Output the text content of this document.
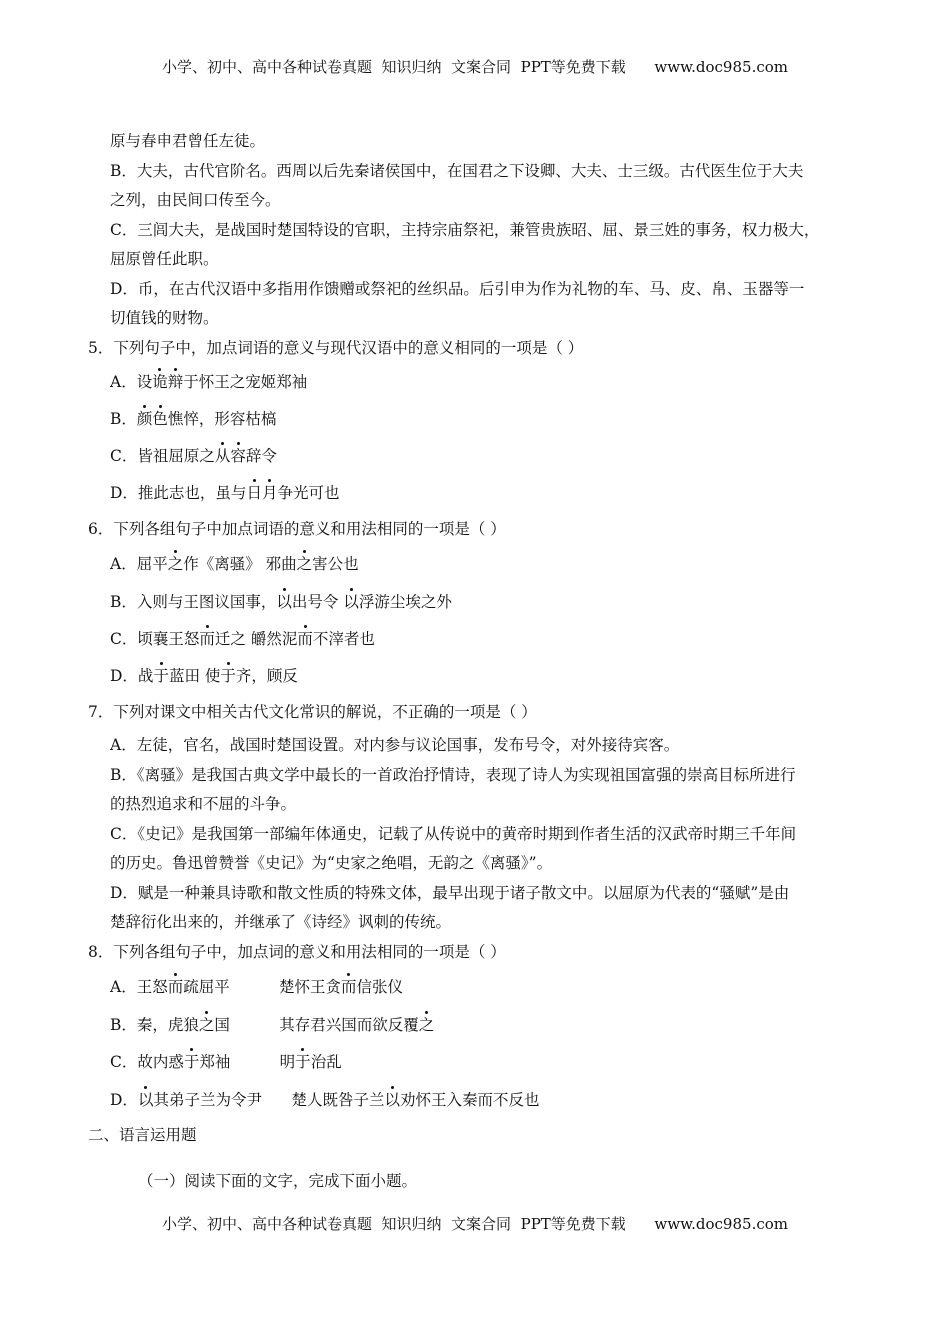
小学、初中、高中各种试卷真题  知识归纳  文案合同  PPT等免费下载      www.doc985.com
原与春申君曾任左徒。
B．大夫，古代官阶名。西周以后先秦诸侯国中，在国君之下设卿、大夫、士三级。古代医生位于大夫
之列，由民间口传至今。
C．三闾大夫，是战国时楚国特设的官职，主持宗庙祭祀，兼管贵族昭、屈、景三姓的事务，权力极大，
屈原曾任此职。
D．币，在古代汉语中多指用作馈赠或祭祀的丝织品。后引申为作为礼物的车、马、皮、帛、玉器等一
切值钱的财物。
5．下列句子中，加点词语的意义与现代汉语中的意义相同的一项是（ ）
A．设诡辩于怀王之宠姬郑袖
B．颜色憔悴，形容枯槁
C．皆祖屈原之从容辞令
D．推此志也，虽与日月争光可也
6．下列各组句子中加点词语的意义和用法相同的一项是（ ）
A．屈平之作《离骚》 邪曲之害公也
B．入则与王图议国事，以出号令 以浮游尘埃之外
C．顷襄王怒而迁之 皭然泥而不滓者也
D．战于蓝田 使于齐，顾反
7．下列对课文中相关古代文化常识的解说，不正确的一项是（ ）
A．左徒，官名，战国时楚国设置。对内参与议论国事，发布号令，对外接待宾客。
B．《离骚》是我国古典文学中最长的一首政治抒情诗，表现了诗人为实现祖国富强的崇高目标所进行
的热烈追求和不屈的斗争。
C．《史记》是我国第一部编年体通史，记载了从传说中的黄帝时期到作者生活的汉武帝时期三千年间
的历史。鲁迅曾赞誉《史记》为“史家之绝唱，无韵之《离骚》”。
D．赋是一种兼具诗歌和散文性质的特殊文体，最早出现于诸子散文中。以屈原为代表的“骚赋”是由
楚辞衍化出来的，并继承了《诗经》讽刺的传统。
8．下列各组句子中，加点词的意义和用法相同的一项是（ ）
A．王怒而疏屈平          楚怀王贪而信张仪
B．秦，虎狼之国          其存君兴国而欲反覆之
C．故内惑于郑袖          明于治乱
D．以其弟子兰为令尹      楚人既咎子兰以劝怀王入秦而不反也
二、语言运用题
（一）阅读下面的文字，完成下面小题。
小学、初中、高中各种试卷真题  知识归纳  文案合同  PPT等免费下载      www.doc985.com
